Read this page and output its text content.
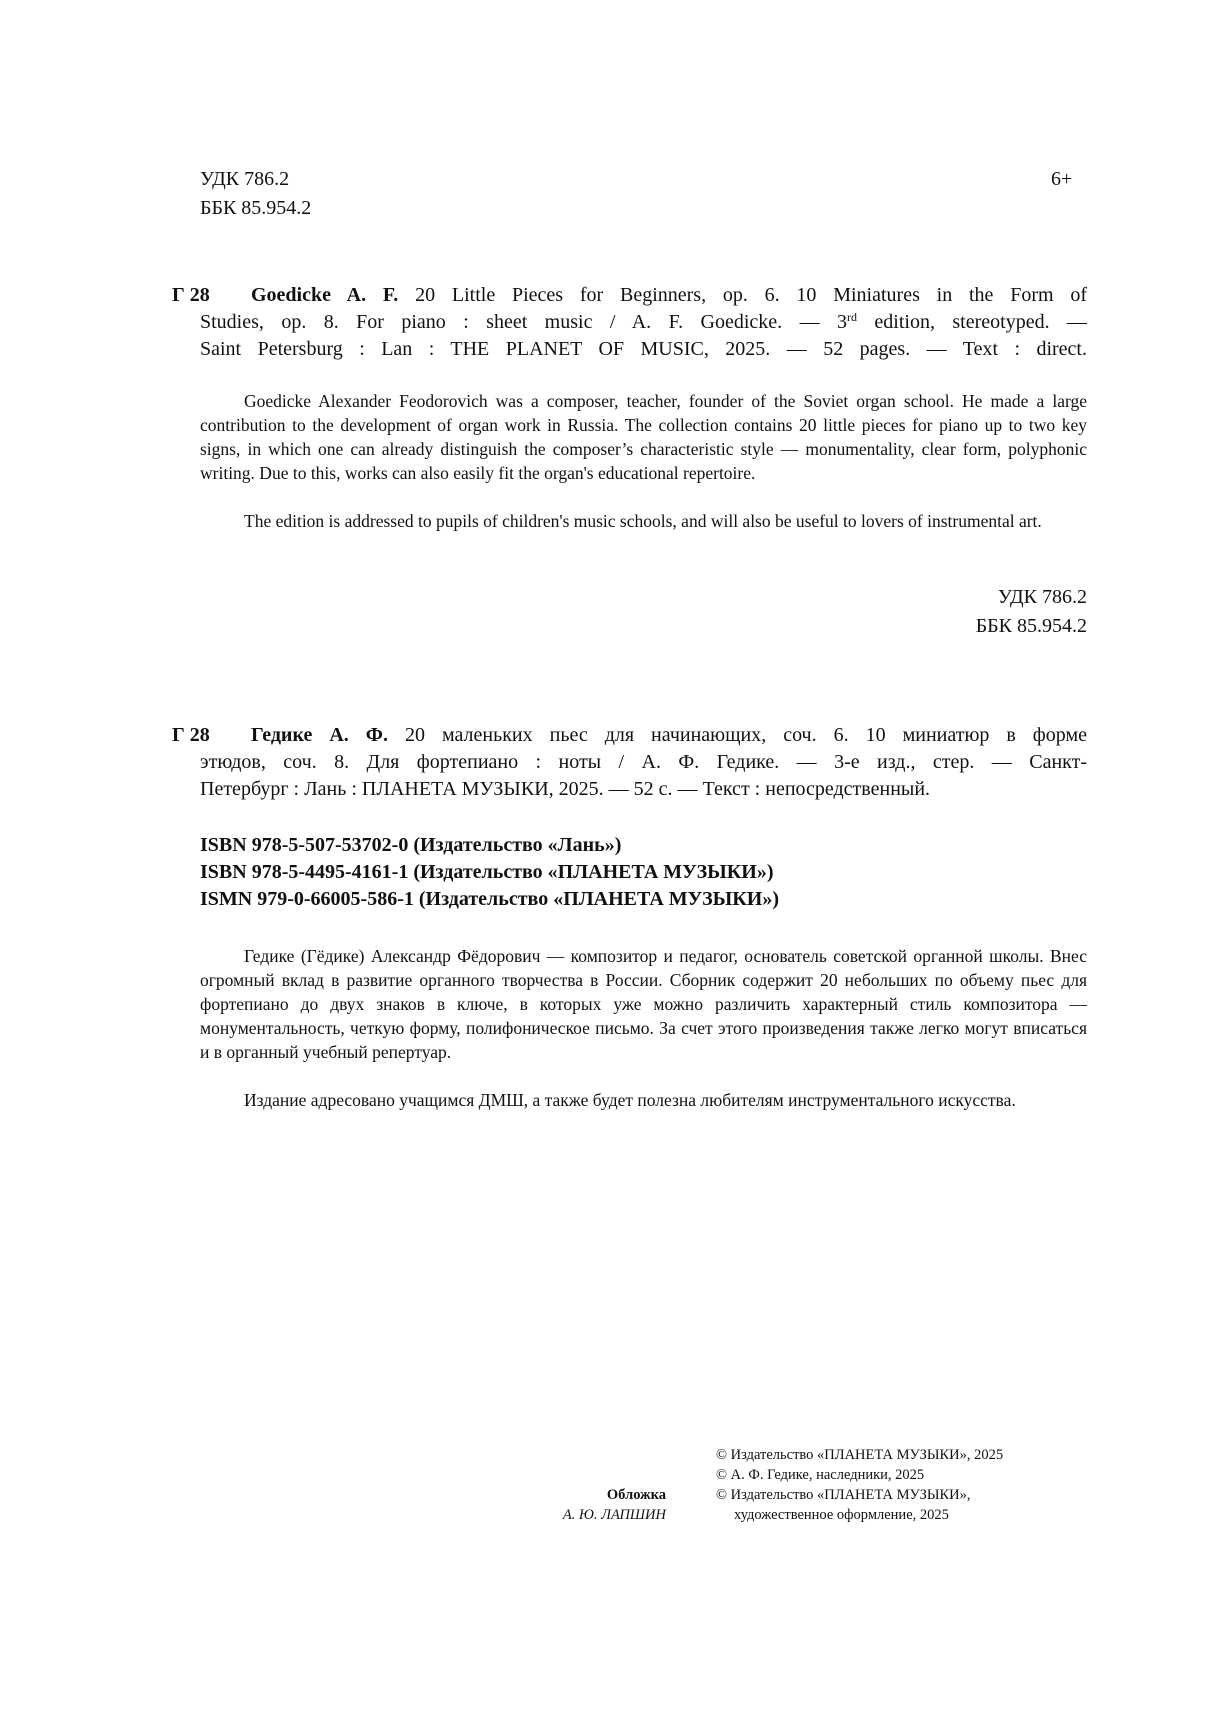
УДК 786.2
ББК 85.954.2
6+
Г 28 Goedicke A. F. 20 Little Pieces for Beginners, op. 6. 10 Miniatures in the Form of
Studies, op. 8. For piano : sheet music / A. F. Goedicke. — 3rd edition, stereotyped. —
Saint Petersburg : Lan : THE PLANET OF MUSIC, 2025. — 52 pages. — Text : direct.
Goedicke Alexander Feodorovich was a composer, teacher, founder of the Soviet organ school. He made a large contribution to the development of organ work in Russia. The collection contains 20 little pieces for piano up to two key signs, in which one can already distinguish the composer’s characteristic style — monumentality, clear form, polyphonic writing. Due to this, works can also easily fit the organ's educational repertoire.
The edition is addressed to pupils of children's music schools, and will also be useful to lovers of instrumental art.
УДК 786.2
ББК 85.954.2
Г 28 Гедике А. Ф. 20 маленьких пьес для начинающих, соч. 6. 10 миниатюр в форме
этюдов, соч. 8. Для фортепиано : ноты / А. Ф. Гедике. — 3-е изд., стер. — Санкт-
Петербург : Лань : ПЛАНЕТА МУЗЫКИ, 2025. — 52 с. — Текст : непосредственный.
ISBN 978-5-507-53702-0 (Издательство «Лань»)
ISBN 978-5-4495-4161-1 (Издательство «ПЛАНЕТА МУЗЫКИ»)
ISMN 979-0-66005-586-1 (Издательство «ПЛАНЕТА МУЗЫКИ»)
Гедике (Гёдике) Александр Фёдорович — композитор и педагог, основатель советской органной школы. Внес огромный вклад в развитие органного творчества в России. Сборник содержит 20 небольших по объему пьес для фортепиано до двух знаков в ключе, в которых уже можно различить характерный стиль композитора — монументальность, четкую форму, полифоническое письмо. За счет этого произведения также легко могут вписаться и в органный учебный репертуар.
Издание адресовано учащимся ДМШ, а также будет полезна любителям инструментального искусства.
Обложка
А. Ю. ЛАПШИН
© Издательство «ПЛАНЕТА МУЗЫКИ», 2025
© А. Ф. Гедике, наследники, 2025
© Издательство «ПЛАНЕТА МУЗЫКИ»,
художественное оформление, 2025
